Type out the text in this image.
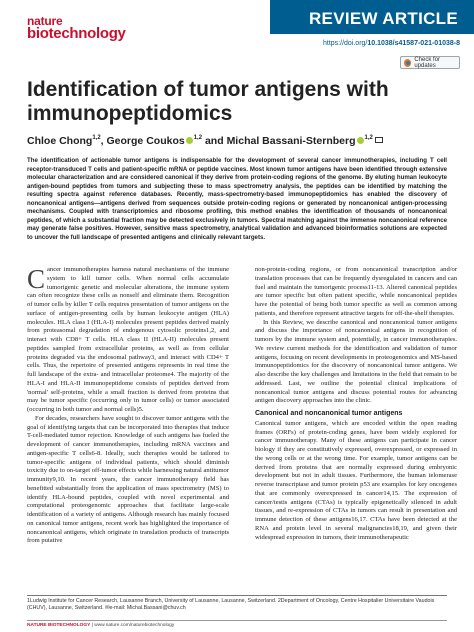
nature
biotechnology
REVIEW ARTICLE
https://doi.org/10.1038/s41587-021-01038-8
Check for updates
Identification of tumor antigens with immunopeptidomics
Chloe Chong$^{1,2}$, George Coukos $^{1,2}$ and Michal Bassani-Sternberg $^{1,2}$

The identification of actionable tumor antigens is indispensable for the development of several cancer immunotherapies, including T cell receptor-transduced T cells and patient-specific mRNA or peptide vaccines. Most known tumor antigens have been identified through extensive molecular characterization and are considered canonical if they derive from protein-coding regions of the genome. By eluting human leukocyte antigen-bound peptides from tumors and subjecting these to mass spectrometry analysis, the peptides can be identified by matching the resulting spectra against reference databases. Recently, mass-spectrometry-based immunopeptidomics has enabled the discovery of noncanonical antigens—antigens derived from sequences outside protein-coding regions or generated by noncanonical antigen-processing mechanisms. Coupled with transcriptomics and ribosome profiling, this method enables the identification of thousands of noncanonical peptides, of which a substantial fraction may be detected exclusively in tumors. Spectral matching against the immense noncanonical reference may generate false positives. However, sensitive mass spectrometry, analytical validation and advanced bioinformatics solutions are expected to uncover the full landscape of presented antigens and clinically relevant targets.

Cancer immunotherapies harness natural mechanisms of the immune system to kill tumor cells. When normal cells accumulate tumorigenic genetic and molecular alterations, the immune system can often recognize these cells as nonself and eliminate them. Recognition of tumor cells by killer T cells requires presentation of tumor antigens on the surface of antigen-presenting cells by human leukocyte antigen (HLA) molecules. HLA class I (HLA-I) molecules present peptides derived mainly from proteasomal degradation of endogenous cytosolic proteins1,2, and interact with CD8+ T cells. HLA class II (HLA-II) molecules present peptides sampled from extracellular proteins, as well as from cellular proteins degraded via the endosomal pathway3, and interact with CD4+ T cells. Thus, the repertoire of presented antigens represents in real time the full landscape of the extra- and intracellular proteome4. The majority of the HLA-I and HLA-II immunopeptidome consists of peptides derived from 'normal' self-proteins, while a small fraction is derived from proteins that may be tumor specific (occurring only in tumor cells) or tumor associated (occurring in both tumor and normal cells)5.

For decades, researchers have sought to discover tumor antigens with the goal of identifying targets that can be incorporated into therapies that induce T-cell-mediated tumor rejection. Knowledge of such antigens has fueled the development of cancer immunotherapies, including mRNA vaccines and antigen-specific T cells6-8. Ideally, such therapies would be tailored to tumor-specific antigens of individual patients, which should diminish toxicity due to on-target off-tumor effects while harnessing natural antitumor immunity9,10. In recent years, the cancer immunotherapy field has benefitted substantially from the application of mass spectrometry (MS) to identify HLA-bound peptides, coupled with novel experimental and computational proteogenomic approaches that facilitate large-scale identification of a variety of antigens. Although research has mainly focused on canonical tumor antigens, recent work has highlighted the importance of noncanonical antigens, which originate in translation products of transcripts from putative

non-protein-coding regions, or from noncanonical transcription and/or translation processes that can be frequently dysregulated in cancers and can fuel and maintain the tumorigenic process11-13. Altered canonical peptides are tumor specific but often patient specific, while noncanonical peptides have the potential of being both tumor specific as well as common among patients, and therefore represent attractive targets for off-the-shelf therapies.

In this Review, we describe canonical and noncanonical tumor antigens and discuss the importance of noncanonical antigens in recognition of tumors by the immune system and, potentially, in cancer immunotherapies. We review current methods for the identification and validation of tumor antigens, focusing on recent developments in proteogenomics and MS-based immunopeptidomics for the discovery of noncanonical tumor antigens. We also describe the key challenges and limitations in the field that remain to be addressed. Last, we outline the potential clinical implications of noncanonical tumor antigens and discuss potential routes for advancing antigen discovery approaches into the clinic.

Canonical and noncanonical tumor antigens

Canonical tumor antigens, which are encoded within the open reading frames (ORFs) of protein-coding genes, have been widely explored for cancer immunotherapy. Many of these antigens can participate in cancer biology if they are constitutively expressed, overexpressed, or expressed in the wrong cells or at the wrong time. For example, tumor antigens can be derived from proteins that are normally expressed during embryonic development but not in adult tissues. Furthermore, the human telomerase reverse transcriptase and tumor protein p53 are examples for key oncogenes that are commonly overexpressed in cancer14,15. The expression of cancer/testis antigens (CTAs) is typically epigenetically silenced in adult tissues, and re-expression of CTAs in tumors can result in presentation and immune detection of these antigens16,17. CTAs have been detected at the RNA and protein level in several malignancies18,19, and given their widespread expression in tumors, their immunotherapeutic

1Ludwig Institute for Cancer Research, Lausanne Branch, University of Lausanne, Lausanne, Switzerland. 2Department of Oncology, Centre Hospitalier Universitaire Vaudois (CHUV), Lausanne, Switzerland. ✉e-mail: Michal.Bassani@chuv.ch
NATURE BIOTECHNOLOGY | www.nature.com/naturebiotechnology
